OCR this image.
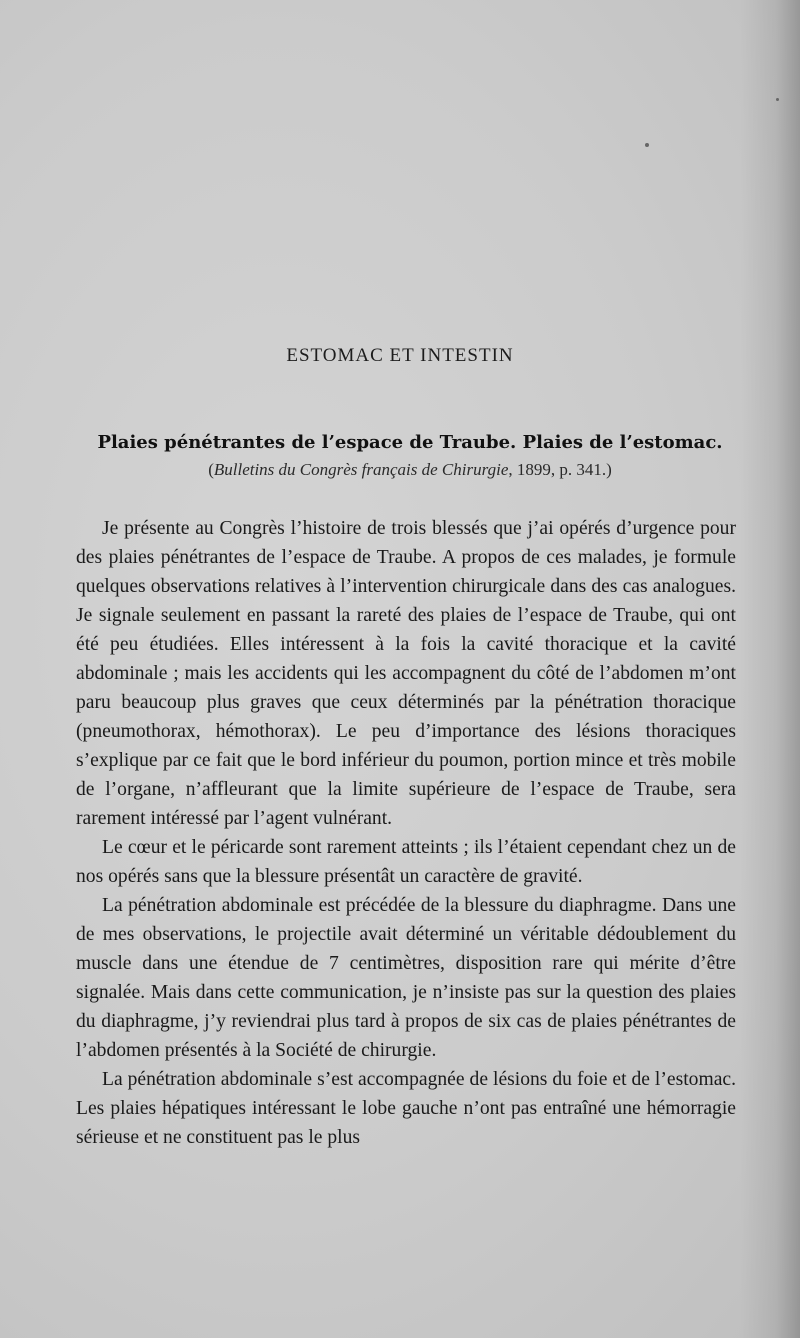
ESTOMAC ET INTESTIN
Plaies pénétrantes de l’espace de Traube. Plaies de l’estomac.
(Bulletins du Congrès français de Chirurgie, 1899, p. 341.)

Je présente au Congrès l’histoire de trois blessés que j’ai opérés d’urgence pour des plaies pénétrantes de l’espace de Traube. A propos de ces malades, je formule quelques observations relatives à l’intervention chirurgicale dans des cas analogues. Je signale seulement en passant la rareté des plaies de l’espace de Traube, qui ont été peu étudiées. Elles intéressent à la fois la cavité thoracique et la cavité abdominale ; mais les accidents qui les accompagnent du côté de l’abdomen m’ont paru beaucoup plus graves que ceux déterminés par la pénétration thoracique (pneumothorax, hémothorax). Le peu d’importance des lésions thoraciques s’explique par ce fait que le bord inférieur du poumon, portion mince et très mobile de l’organe, n’affleurant que la limite supérieure de l’espace de Traube, sera rarement intéressé par l’agent vulnérant.

Le cœur et le péricarde sont rarement atteints ; ils l’étaient cependant chez un de nos opérés sans que la blessure présentât un caractère de gravité.

La pénétration abdominale est précédée de la blessure du diaphragme. Dans une de mes observations, le projectile avait déterminé un véritable dédoublement du muscle dans une étendue de 7 centimètres, disposition rare qui mérite d’être signalée. Mais dans cette communication, je n’insiste pas sur la question des plaies du diaphragme, j’y reviendrai plus tard à propos de six cas de plaies pénétrantes de l’abdomen présentés à la Société de chirurgie.

La pénétration abdominale s’est accompagnée de lésions du foie et de l’estomac. Les plaies hépatiques intéressant le lobe gauche n’ont pas entraîné une hémorragie sérieuse et ne constituent pas le plus
